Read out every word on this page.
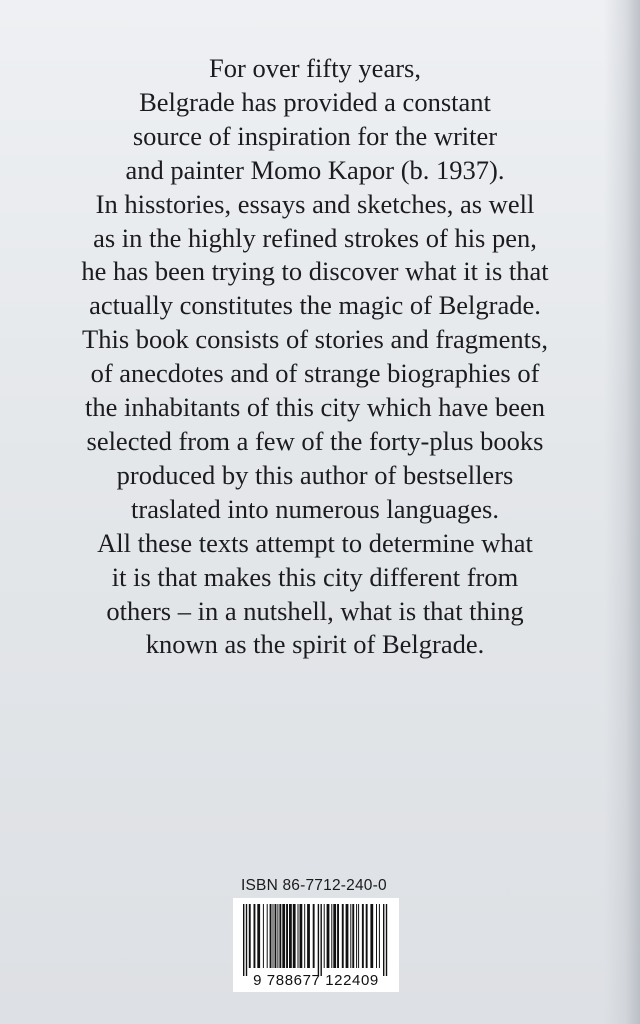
For over fifty years,
Belgrade has provided a constant
source of inspiration for the writer
and painter Momo Kapor (b. 1937).
In hisstories, essays and sketches, as well
as in the highly refined strokes of his pen,
he has been trying to discover what it is that
actually constitutes the magic of Belgrade.
This book consists of stories and fragments,
of anecdotes and of strange biographies of
the inhabitants of this city which have been
selected from a few of the forty-plus books
produced by this author of bestsellers
traslated into numerous languages.
All these texts attempt to determine what
it is that makes this city different from
others – in a nutshell, what is that thing
known as the spirit of Belgrade.
ISBN 86-7712-240-0
9 788677 122409
